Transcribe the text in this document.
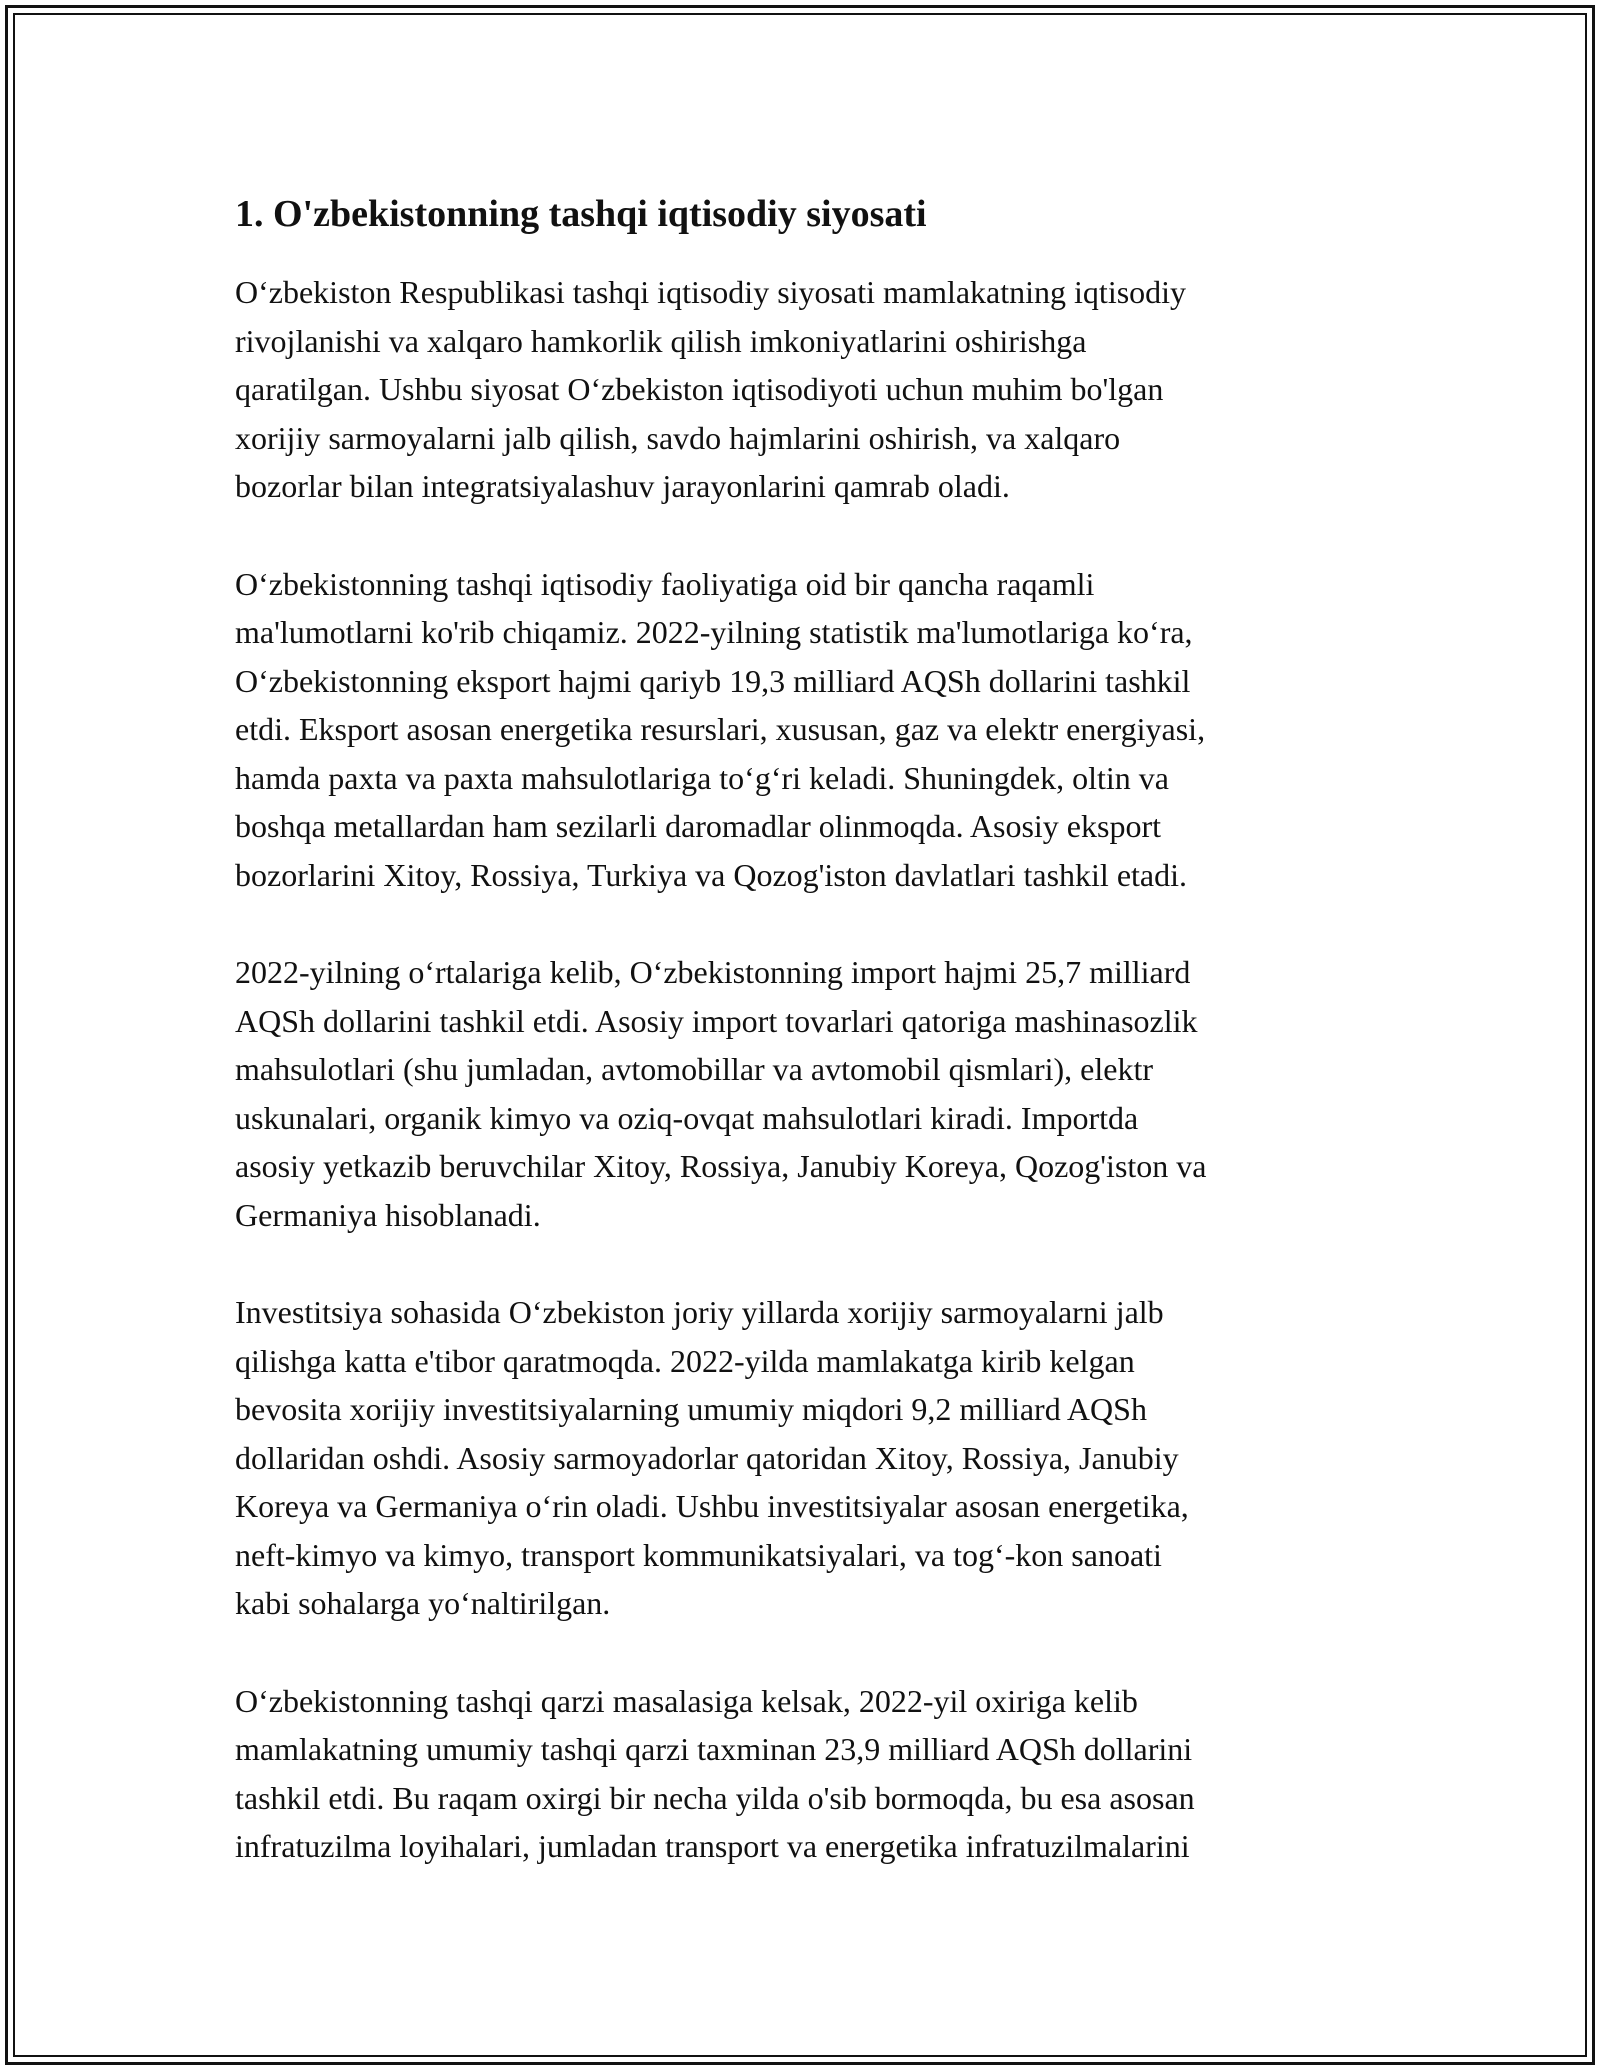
1. O'zbekistonning tashqi iqtisodiy siyosati

O‘zbekiston Respublikasi tashqi iqtisodiy siyosati mamlakatning iqtisodiy
rivojlanishi va xalqaro hamkorlik qilish imkoniyatlarini oshirishga
qaratilgan. Ushbu siyosat O‘zbekiston iqtisodiyoti uchun muhim bo'lgan
xorijiy sarmoyalarni jalb qilish, savdo hajmlarini oshirish, va xalqaro
bozorlar bilan integratsiyalashuv jarayonlarini qamrab oladi.

O‘zbekistonning tashqi iqtisodiy faoliyatiga oid bir qancha raqamli
ma'lumotlarni ko'rib chiqamiz. 2022-yilning statistik ma'lumotlariga ko‘ra,
O‘zbekistonning eksport hajmi qariyb 19,3 milliard AQSh dollarini tashkil
etdi. Eksport asosan energetika resurslari, xususan, gaz va elektr energiyasi,
hamda paxta va paxta mahsulotlariga to‘g‘ri keladi. Shuningdek, oltin va
boshqa metallardan ham sezilarli daromadlar olinmoqda. Asosiy eksport
bozorlarini Xitoy, Rossiya, Turkiya va Qozog'iston davlatlari tashkil etadi.

2022-yilning o‘rtalariga kelib, O‘zbekistonning import hajmi 25,7 milliard
AQSh dollarini tashkil etdi. Asosiy import tovarlari qatoriga mashinasozlik
mahsulotlari (shu jumladan, avtomobillar va avtomobil qismlari), elektr
uskunalari, organik kimyo va oziq-ovqat mahsulotlari kiradi. Importda
asosiy yetkazib beruvchilar Xitoy, Rossiya, Janubiy Koreya, Qozog'iston va
Germaniya hisoblanadi.

Investitsiya sohasida O‘zbekiston joriy yillarda xorijiy sarmoyalarni jalb
qilishga katta e'tibor qaratmoqda. 2022-yilda mamlakatga kirib kelgan
bevosita xorijiy investitsiyalarning umumiy miqdori 9,2 milliard AQSh
dollaridan oshdi. Asosiy sarmoyadorlar qatoridan Xitoy, Rossiya, Janubiy
Koreya va Germaniya o‘rin oladi. Ushbu investitsiyalar asosan energetika,
neft-kimyo va kimyo, transport kommunikatsiyalari, va tog‘-kon sanoati
kabi sohalarga yo‘naltirilgan.

O‘zbekistonning tashqi qarzi masalasiga kelsak, 2022-yil oxiriga kelib
mamlakatning umumiy tashqi qarzi taxminan 23,9 milliard AQSh dollarini
tashkil etdi. Bu raqam oxirgi bir necha yilda o'sib bormoqda, bu esa asosan
infratuzilma loyihalari, jumladan transport va energetika infratuzilmalarini
